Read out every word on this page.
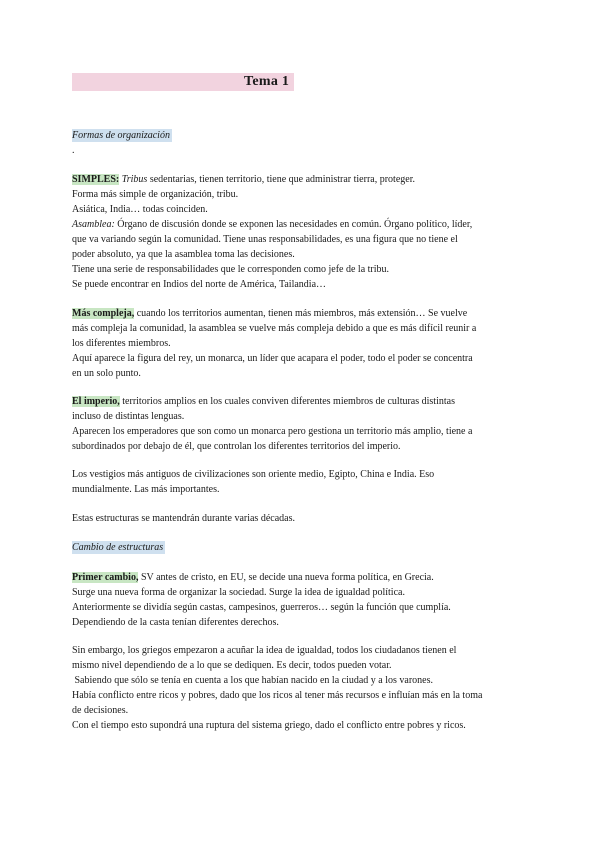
Tema 1
Formas de organización
.
SIMPLES: Tribus sedentarias, tienen territorio, tiene que administrar tierra, proteger.
Forma más simple de organización, tribu.
Asiática, India… todas coinciden.
Asamblea: Órgano de discusión donde se exponen las necesidades en común. Órgano político, líder,
que va variando según la comunidad. Tiene unas responsabilidades, es una figura que no tiene el
poder absoluto, ya que la asamblea toma las decisiones.
Tiene una serie de responsabilidades que le corresponden como jefe de la tribu.
Se puede encontrar en Indios del norte de América, Tailandia…
Más compleja, cuando los territorios aumentan, tienen más miembros, más extensión… Se vuelve
más compleja la comunidad, la asamblea se vuelve más compleja debido a que es más difícil reunir a
los diferentes miembros.
Aquí aparece la figura del rey, un monarca, un líder que acapara el poder, todo el poder se concentra
en un solo punto.
El imperio, territorios amplios en los cuales conviven diferentes miembros de culturas distintas
incluso de distintas lenguas.
Aparecen los emperadores que son como un monarca pero gestiona un territorio más amplio, tiene a
subordinados por debajo de él, que controlan los diferentes territorios del imperio.
Los vestigios más antiguos de civilizaciones son oriente medio, Egipto, China e India. Eso
mundialmente. Las más importantes.
Estas estructuras se mantendrán durante varias décadas.
Cambio de estructuras
Primer cambio, SV antes de cristo, en EU, se decide una nueva forma política, en Grecia.
Surge una nueva forma de organizar la sociedad. Surge la idea de igualdad política.
Anteriormente se dividía según castas, campesinos, guerreros… según la función que cumplía.
Dependiendo de la casta tenían diferentes derechos.
Sin embargo, los griegos empezaron a acuñar la idea de igualdad, todos los ciudadanos tienen el
mismo nivel dependiendo de a lo que se dediquen. Es decir, todos pueden votar.
Sabiendo que sólo se tenía en cuenta a los que habían nacido en la ciudad y a los varones.
Había conflicto entre ricos y pobres, dado que los ricos al tener más recursos e influían más en la toma
de decisiones.
Con el tiempo esto supondrá una ruptura del sistema griego, dado el conflicto entre pobres y ricos.
